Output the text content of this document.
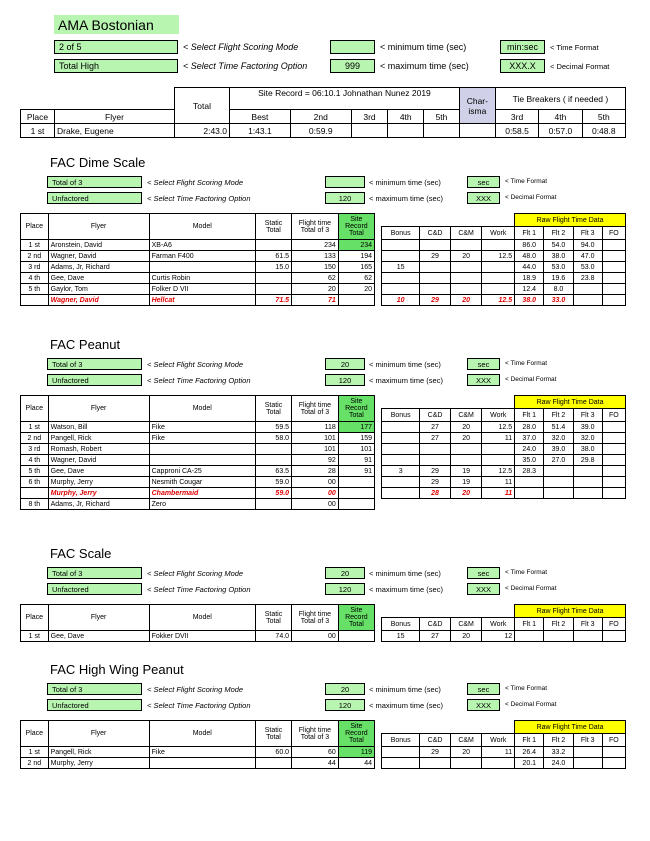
AMA Bostonian
2 of 5	< Select Flight Scoring Mode
Total High	< Select Time Factoring Option
< minimum time (sec)
999	< maximum time (sec)
min:sec	< Time Format
XXX.X	< Decimal Format
		Total	Site Record = 06:10.1 Johnathan Nunez 2019					Char-isma	Tie Breakers ( if needed )		
Place	Flyer		Best	2nd	3rd	4th	5th		3rd	4th	5th
1 st	Drake, Eugene	2:43.0	1:43.1	0:59.9					0:58.5	0:57.0	0:48.8
FAC Dime Scale
Total of 3	< Select Flight Scoring Mode
Unfactored	< Select Time Factoring Option
< minimum time (sec)
120	< maximum time (sec)
sec	< Time Format
XXX	< Decimal Format
Place	Flyer	Model	Static Total	Flight time Total of 3	Site Record Total
1 st	Aronstein, David	XB-A6		234	234
2 nd	Wagner, David	Farman F400	61.5	133	194
3 rd	Adams, Jr, Richard		15.0	150	165
4 th	Gee, Dave	Curtis Robin		62	62
5 th	Gaylor, Tom	Folker D VII		20	20
	Wagner, David	Hellcat	71.5	71	
				Raw Flight Time Data			
Bonus	C&D	C&M	Work	Flt 1	Flt 2	Flt 3	FO
				86.0	54.0	94.0	
	29	20	12.5	48.0	38.0	47.0	
15				44.0	53.0	53.0	
				18.9	19.6	23.8	
				12.4	8.0		
10	29	20	12.5	38.0	33.0		
FAC Peanut
Total of 3	< Select Flight Scoring Mode
Unfactored	< Select Time Factoring Option
20	< minimum time (sec)
120	< maximum time (sec)
sec	< Time Format
XXX	< Decimal Format
Place	Flyer	Model	Static Total	Flight time Total of 3	Site Record Total
1 st	Watson, Bill	Fike	59.5	118	177
2 nd	Pangell, Rick	Fike	58.0	101	159
3 rd	Romash, Robert			101	101
4 th	Wagner, David			92	91
5 th	Gee, Dave	Capproni CA-25	63.5	28	91
6 th	Murphy, Jerry	Nesmith Cougar	59.0	00	
	Murphy, Jerry	Chambermaid	59.0	00	
8 th	Adams, Jr, Richard	Zero		00	
				Raw Flight Time Data			
Bonus	C&D	C&M	Work	Flt 1	Flt 2	Flt 3	FO
	27	20	12.5	28.0	51.4	39.0	
	27	20	11	37.0	32.0	32.0	
				24.0	39.0	38.0	
				35.0	27.0	29.8	
3	29	19	12.5	28.3			
	29	19	11				
	28	20	11				
FAC Scale
Total of 3	< Select Flight Scoring Mode
Unfactored	< Select Time Factoring Option
20	< minimum time (sec)
120	< maximum time (sec)
sec	< Time Format
XXX	< Decimal Format
Place	Flyer	Model	Static Total	Flight time Total of 3	Site Record Total
1 st	Gee, Dave	Fokker DVII	74.0	00	
				Raw Flight Time Data			
Bonus	C&D	C&M	Work	Flt 1	Flt 2	Flt 3	FO
15	27	20	12				
FAC High Wing Peanut
Total of 3	< Select Flight Scoring Mode
Unfactored	< Select Time Factoring Option
20	< minimum time (sec)
120	< maximum time (sec)
sec	< Time Format
XXX	< Decimal Format
Place	Flyer	Model	Static Total	Flight time Total of 3	Site Record Total
1 st	Pangell, Rick	Fike	60.0	60	119
2 nd	Murphy, Jerry			44	44
				Raw Flight Time Data			
Bonus	C&D	C&M	Work	Flt 1	Flt 2	Flt 3	FO
	29	20	11	26.4	33.2		
				20.1	24.0		
